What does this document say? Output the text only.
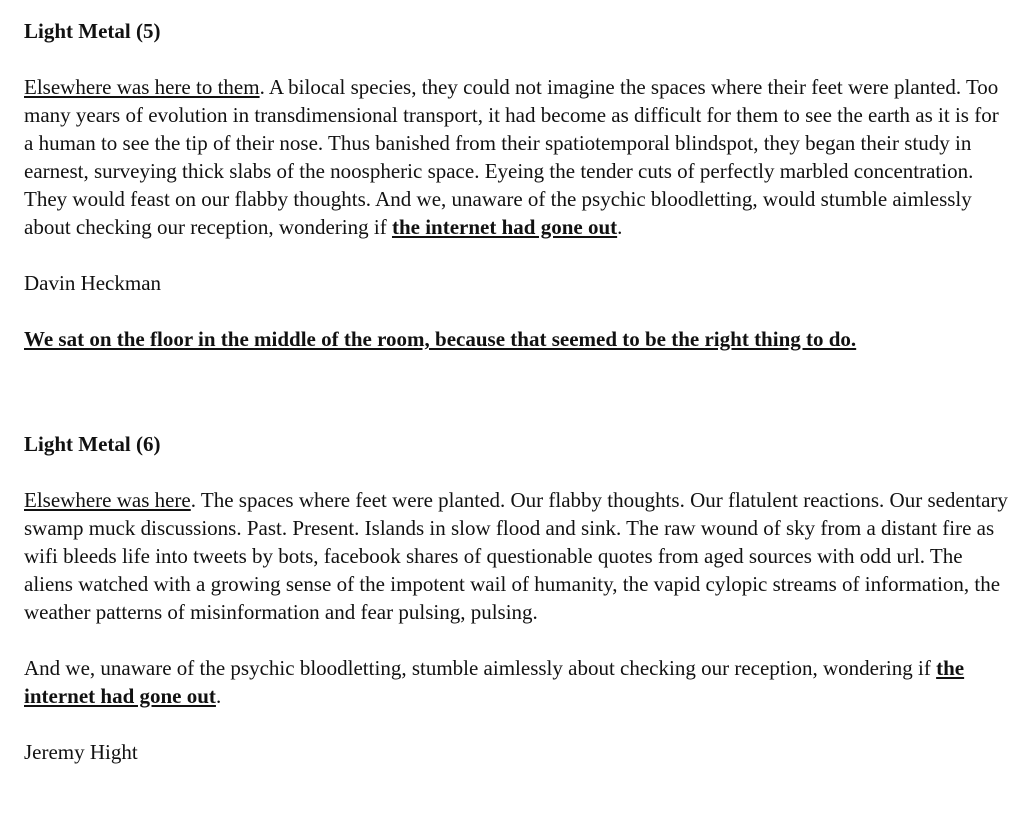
Light Metal (5)

Elsewhere was here to them. A bilocal species, they could not imagine the spaces where their feet were planted. Too many years of evolution in transdimensional transport, it had become as difficult for them to see the earth as it is for a human to see the tip of their nose. Thus banished from their spatiotemporal blindspot, they began their study in earnest, surveying thick slabs of the noospheric space. Eyeing the tender cuts of perfectly marbled concentration. They would feast on our flabby thoughts. And we, unaware of the psychic bloodletting, would stumble aimlessly about checking our reception, wondering if the internet had gone out.

Davin Heckman

We sat on the floor in the middle of the room, because that seemed to be the right thing to do.

Light Metal (6)

Elsewhere was here. The spaces where feet were planted. Our flabby thoughts. Our flatulent reactions. Our sedentary swamp muck discussions. Past. Present. Islands in slow flood and sink. The raw wound of sky from a distant fire as wifi bleeds life into tweets by bots, facebook shares of questionable quotes from aged sources with odd url. The aliens watched with a growing sense of the impotent wail of humanity, the vapid cylopic streams of information, the weather patterns of misinformation and fear pulsing, pulsing.

And we, unaware of the psychic bloodletting, stumble aimlessly about checking our reception, wondering if the internet had gone out.

Jeremy Hight
